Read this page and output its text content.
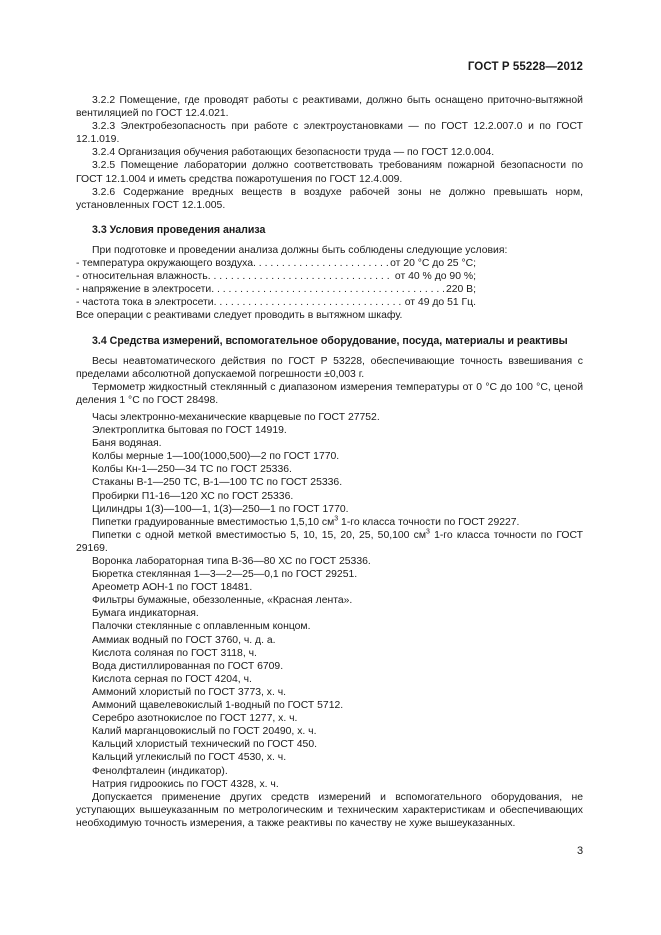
ГОСТ Р 55228—2012

3.2.2 Помещение, где проводят работы с реактивами, должно быть оснащено приточно-вытяжной вентиляцией по ГОСТ 12.4.021.

3.2.3 Электробезопасность при работе с электроустановками — по ГОСТ 12.2.007.0 и по ГОСТ 12.1.019.

3.2.4 Организация обучения работающих безопасности труда — по ГОСТ 12.0.004.

3.2.5 Помещение лаборатории должно соответствовать требованиям пожарной безопасности по ГОСТ 12.1.004 и иметь средства пожаротушения по ГОСТ 12.4.009.

3.2.6 Содержание вредных веществ в воздухе рабочей зоны не должно превышать норм, установленных ГОСТ 12.1.005.

3.3 Условия проведения анализа

При подготовке и проведении анализа должны быть соблюдены следующие условия:

- температура окружающего воздуха . . .	от 20 °С до 25 °С;
- относительная влажность . . .	от 40 % до 90 %;
- напряжение в электросети . . .	220 В;
- частота тока в электросети . . .	от 49 до 51 Гц.

Все операции с реактивами следует проводить в вытяжном шкафу.

3.4 Средства измерений, вспомогательное оборудование, посуда, материалы и реактивы

Весы неавтоматического действия по ГОСТ Р 53228, обеспечивающие точность взвешивания с пределами абсолютной допускаемой погрешности ±0,003 г.

Термометр жидкостный стеклянный с диапазоном измерения температуры от 0 °С до 100 °С, ценой деления 1 °С по ГОСТ 28498.

Часы электронно-механические кварцевые по ГОСТ 27752.

Электроплитка бытовая по ГОСТ 14919.

Баня водяная.

Колбы мерные 1—100(1000,500)—2 по ГОСТ 1770.

Колбы Кн-1—250—34 ТС по ГОСТ 25336.

Стаканы В-1—250 ТС, В-1—100 ТС по ГОСТ 25336.

Пробирки П1-16—120 ХС по ГОСТ 25336.

Цилиндры 1(3)—100—1, 1(3)—250—1 по ГОСТ 1770.

Пипетки градуированные вместимостью 1,5,10 $см^3$ 1-го класса точности по ГОСТ 29227.

Пипетки с одной меткой вместимостью 5, 10, 15, 20, 25, 50,100 $см^3$ 1-го класса точности по ГОСТ 29169.

Воронка лабораторная типа В-36—80 ХС по ГОСТ 25336.

Бюретка стеклянная 1—3—2—25—0,1 по ГОСТ 29251.

Ареометр АОН-1 по ГОСТ 18481.

Фильтры бумажные, обеззоленные, «Красная лента».

Бумага индикаторная.

Палочки стеклянные с оплавленным концом.

Аммиак водный по ГОСТ 3760, ч. д. а.

Кислота соляная по ГОСТ 3118, ч.

Вода дистиллированная по ГОСТ 6709.

Кислота серная по ГОСТ 4204, ч.

Аммоний хлористый по ГОСТ 3773, х. ч.

Аммоний щавелевокислый 1-водный по ГОСТ 5712.

Серебро азотнокислое по ГОСТ 1277, х. ч.

Калий марганцовокислый по ГОСТ 20490, х. ч.

Кальций хлористый технический по ГОСТ 450.

Кальций углекислый по ГОСТ 4530, х. ч.

Фенолфталеин (индикатор).

Натрия гидроокись по ГОСТ 4328, х. ч.

Допускается применение других средств измерений и вспомогательного оборудования, не уступающих вышеуказанным по метрологическим и техническим характеристикам и обеспечивающих необходимую точность измерения, а также реактивы по качеству не хуже вышеуказанных.

3
